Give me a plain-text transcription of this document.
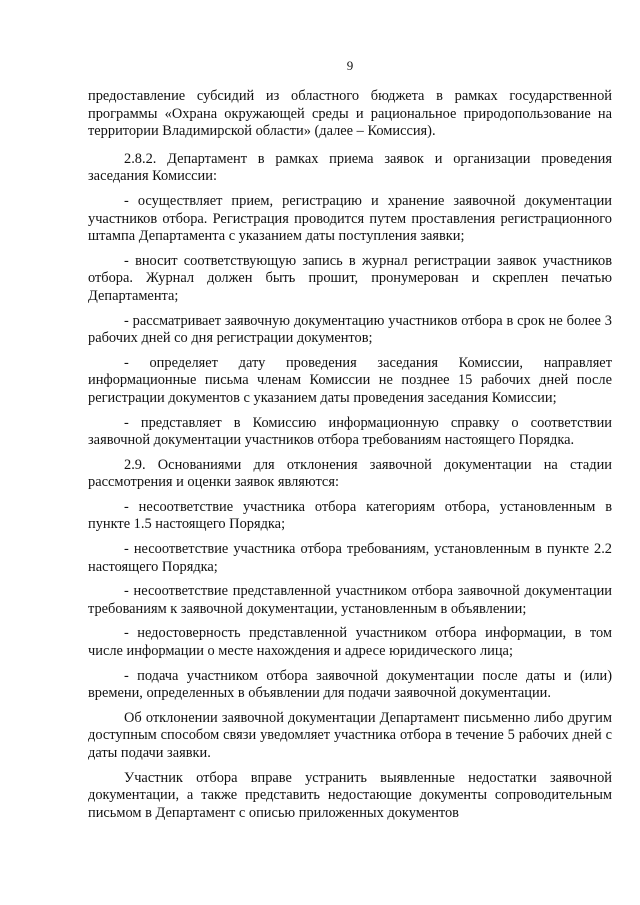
9

предоставление субсидий из областного бюджета в рамках государственной программы «Охрана окружающей среды и рациональное природопользование на территории Владимирской области» (далее – Комиссия).

2.8.2. Департамент в рамках приема заявок и организации проведения заседания Комиссии:

- осуществляет прием, регистрацию и хранение заявочной документации участников отбора. Регистрация проводится путем проставления регистрационного штампа Департамента с указанием даты поступления заявки;

- вносит соответствующую запись в журнал регистрации заявок участников отбора. Журнал должен быть прошит, пронумерован и скреплен печатью Департамента;

- рассматривает заявочную документацию участников отбора в срок не более 3 рабочих дней со дня регистрации документов;

- определяет дату проведения заседания Комиссии, направляет информационные письма членам Комиссии не позднее 15 рабочих дней после регистрации документов с указанием даты проведения заседания Комиссии;

- представляет в Комиссию информационную справку о соответствии заявочной документации участников отбора требованиям настоящего Порядка.

2.9. Основаниями для отклонения заявочной документации на стадии рассмотрения и оценки заявок являются:

- несоответствие участника отбора категориям отбора, установленным в пункте 1.5 настоящего Порядка;

- несоответствие участника отбора требованиям, установленным в пункте 2.2 настоящего Порядка;

- несоответствие представленной участником отбора заявочной документации требованиям к заявочной документации, установленным в объявлении;

- недостоверность представленной участником отбора информации, в том числе информации о месте нахождения и адресе юридического лица;

- подача участником отбора заявочной документации после даты и (или) времени, определенных в объявлении для подачи заявочной документации.

Об отклонении заявочной документации Департамент письменно либо другим доступным способом связи уведомляет участника отбора в течение 5 рабочих дней с даты подачи заявки.

Участник отбора вправе устранить выявленные недостатки заявочной документации, а также представить недостающие документы сопроводительным письмом в Департамент с описью приложенных документов
